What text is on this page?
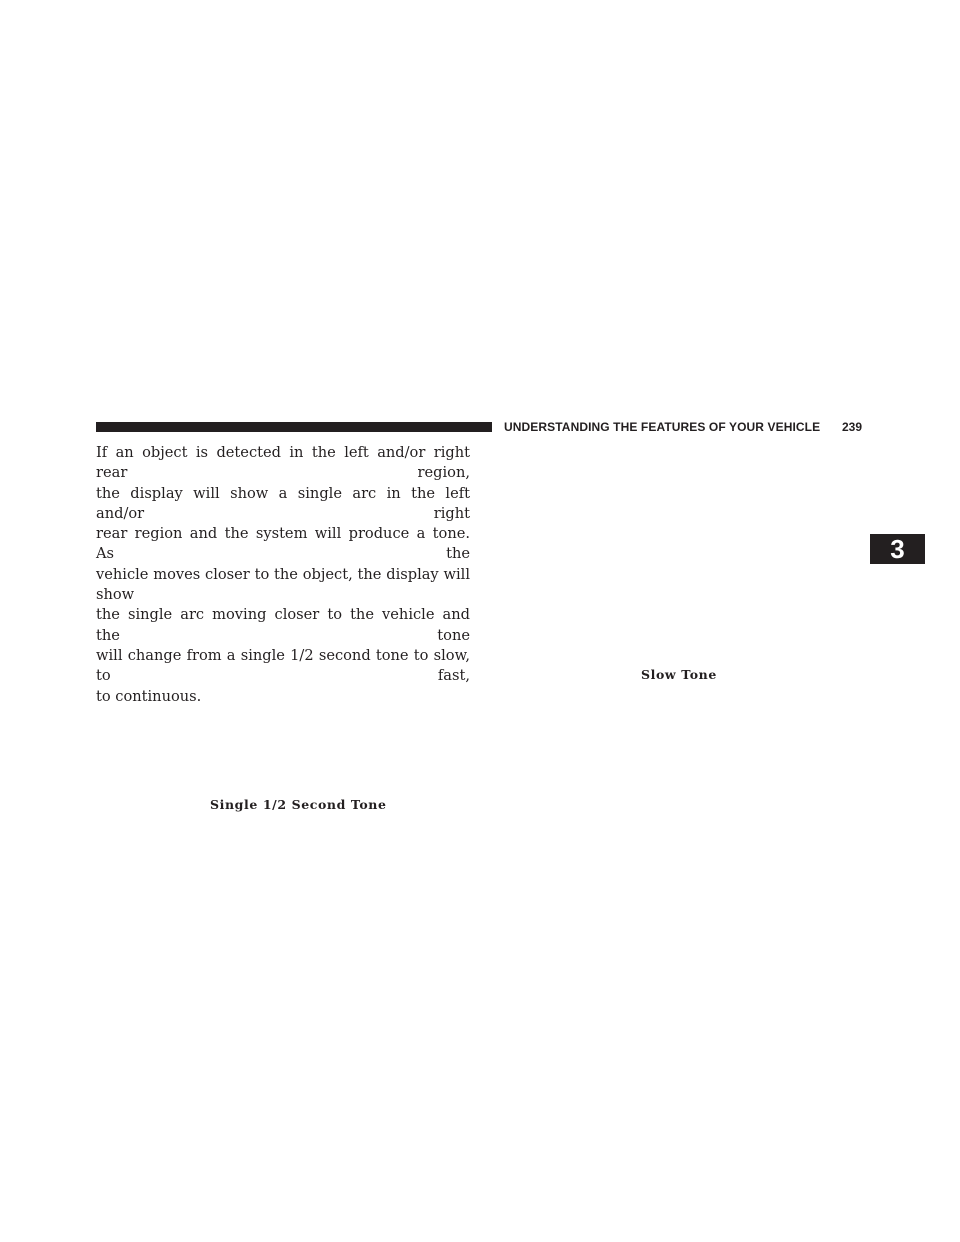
UNDERSTANDING THE FEATURES OF YOUR VEHICLE 239
If an object is detected in the left and/or right rear region,
the display will show a single arc in the left and/or right
rear region and the system will produce a tone. As the
vehicle moves closer to the object, the display will show
the single arc moving closer to the vehicle and the tone
will change from a single 1/2 second tone to slow, to fast,
to continuous.
Single 1/2 Second Tone
Slow Tone
3
